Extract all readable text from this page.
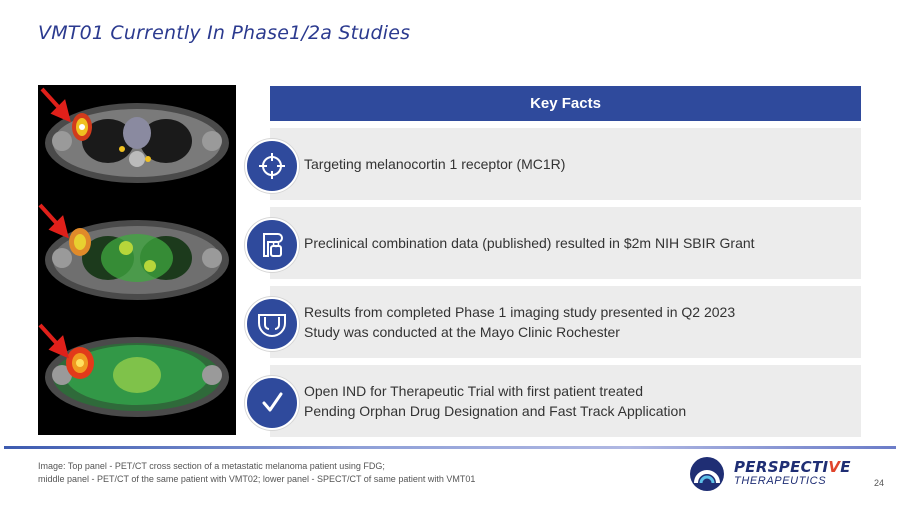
VMT01 Currently In Phase1/2a Studies
Key Facts
Targeting melanocortin 1 receptor (MC1R)
Preclinical combination data (published) resulted in $2m NIH SBIR Grant
Results from completed Phase 1 imaging study presented in Q2 2023
Study was conducted at the Mayo Clinic Rochester
Open IND for Therapeutic Trial with first patient treated
Pending Orphan Drug Designation and Fast Track Application
Image: Top panel - PET/CT cross section of a metastatic melanoma patient using FDG;
middle panel - PET/CT of the same patient with VMT02; lower panel - SPECT/CT of same patient with VMT01
PERSPECTIVE
THERAPEUTICS	24
